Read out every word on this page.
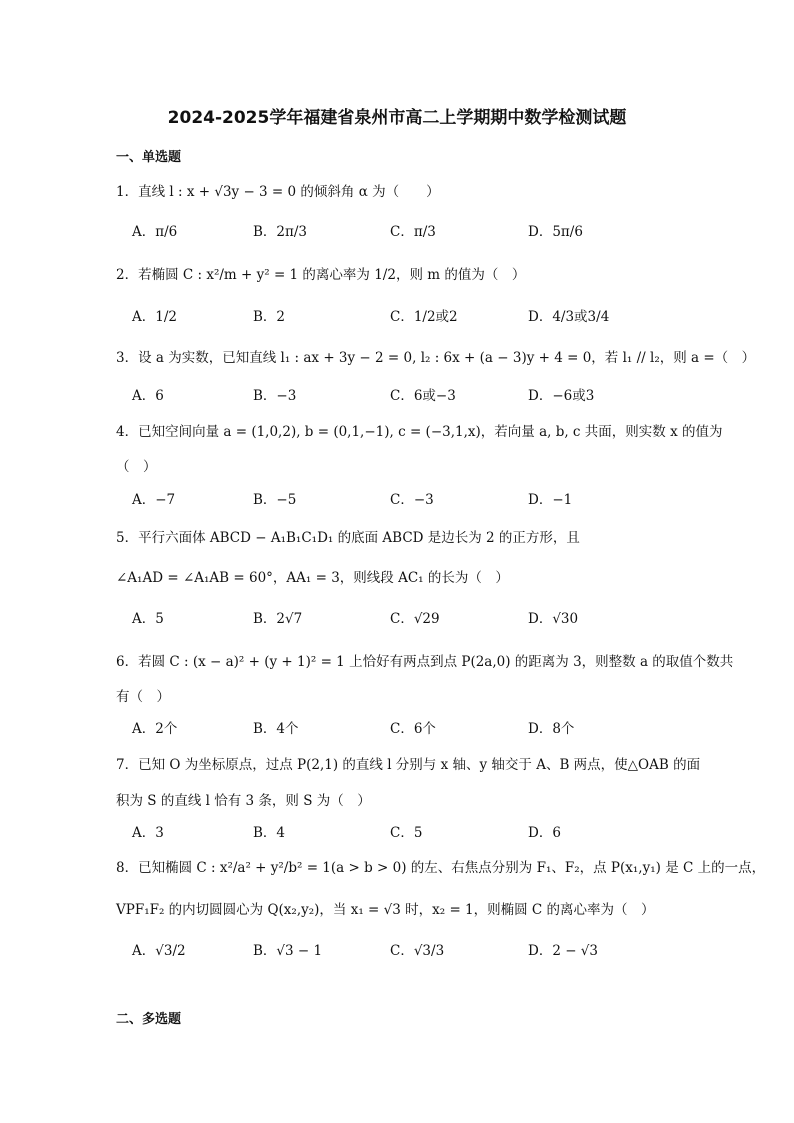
2024-2025学年福建省泉州市高二上学期期中数学检测试题
一、单选题
1．直线 l : x + √3y − 3 = 0 的倾斜角 α 为（　　）
A．π/6	B．2π/3	C．π/3	D．5π/6
2．若椭圆 C : x²/m + y² = 1 的离心率为 1/2，则 m 的值为（　）
A．1/2	B．2	C．1/2或2	D．4/3或3/4
3．设 a 为实数，已知直线 l₁ : ax + 3y − 2 = 0, l₂ : 6x + (a − 3)y + 4 = 0，若 l₁ // l₂，则 a =（　）
A．6	B．−3	C．6或−3	D．−6或3
4．已知空间向量 a = (1,0,2), b = (0,1,−1), c = (−3,1,x)，若向量 a, b, c 共面，则实数 x 的值为
（　）
A．−7	B．−5	C．−3	D．−1
5．平行六面体 ABCD − A₁B₁C₁D₁ 的底面 ABCD 是边长为 2 的正方形，且
∠A₁AD = ∠A₁AB = 60°，AA₁ = 3，则线段 AC₁ 的长为（　）
A．5	B．2√7	C．√29	D．√30
6．若圆 C : (x − a)² + (y + 1)² = 1 上恰好有两点到点 P(2a,0) 的距离为 3，则整数 a 的取值个数共
有（　）
A．2个	B．4个	C．6个	D．8个
7．已知 O 为坐标原点，过点 P(2,1) 的直线 l 分别与 x 轴、y 轴交于 A、B 两点，使△OAB 的面
积为 S 的直线 l 恰有 3 条，则 S 为（　）
A．3	B．4	C．5	D．6
8．已知椭圆 C : x²/a² + y²/b² = 1(a > b > 0) 的左、右焦点分别为 F₁、F₂，点 P(x₁,y₁) 是 C 上的一点，
VPF₁F₂ 的内切圆圆心为 Q(x₂,y₂)，当 x₁ = √3 时，x₂ = 1，则椭圆 C 的离心率为（　）
A．√3/2	B．√3 − 1	C．√3/3	D．2 − √3
二、多选题
